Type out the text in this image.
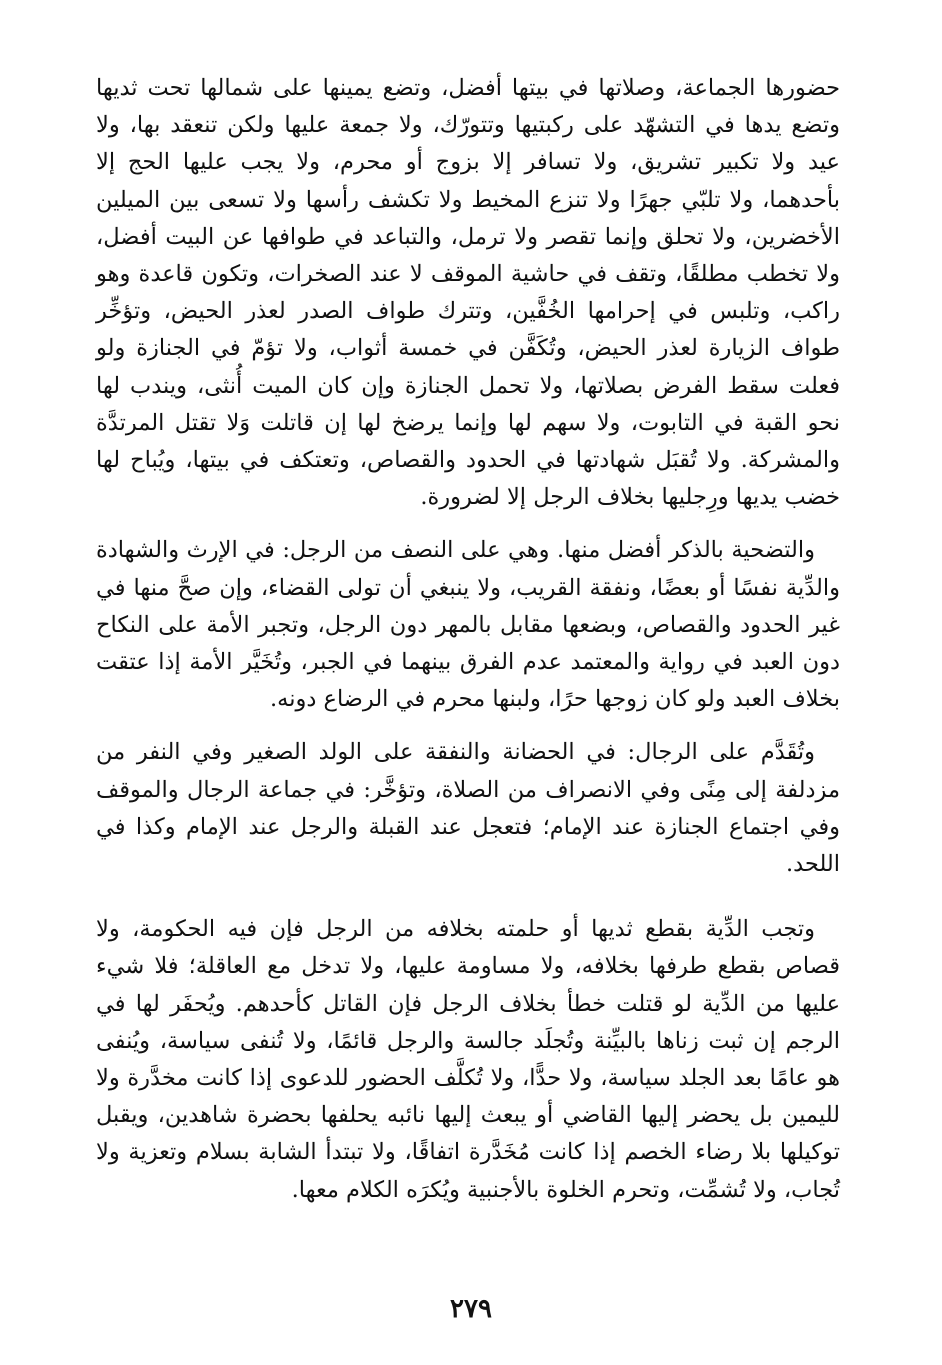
حضورها الجماعة، وصلاتها في بيتها أفضل، وتضع يمينها على شمالها تحت ثديها وتضع يدها في التشهّد على ركبتيها وتتورّك، ولا جمعة عليها ولكن تنعقد بها، ولا عيد ولا تكبير تشريق، ولا تسافر إلا بزوج أو محرم، ولا يجب عليها الحج إلا بأحدهما، ولا تلبّي جهرًا ولا تنزع المخيط ولا تكشف رأسها ولا تسعى بين الميلين الأخضرين، ولا تحلق وإنما تقصر ولا ترمل، والتباعد في طوافها عن البيت أفضل، ولا تخطب مطلقًا، وتقف في حاشية الموقف لا عند الصخرات، وتكون قاعدة وهو راكب، وتلبس في إحرامها الخُفَّين، وتترك طواف الصدر لعذر الحيض، وتؤخِّر طواف الزيارة لعذر الحيض، وتُكَفَّن في خمسة أثواب، ولا تؤمّ في الجنازة ولو فعلت سقط الفرض بصلاتها، ولا تحمل الجنازة وإن كان الميت أُنثى، ويندب لها نحو القبة في التابوت، ولا سهم لها وإنما يرضخ لها إن قاتلت وَلا تقتل المرتدَّة والمشركة. ولا تُقبَل شهادتها في الحدود والقصاص، وتعتكف في بيتها، ويُباح لها خضب يديها ورِجليها بخلاف الرجل إلا لضرورة.

والتضحية بالذكر أفضل منها. وهي على النصف من الرجل: في الإرث والشهادة والدِّية نفسًا أو بعضًا، ونفقة القريب، ولا ينبغي أن تولى القضاء، وإن صحَّ منها في غير الحدود والقصاص، وبضعها مقابل بالمهر دون الرجل، وتجبر الأمة على النكاح دون العبد في رواية والمعتمد عدم الفرق بينهما في الجبر، وتُخَيَّر الأمة إذا عتقت بخلاف العبد ولو كان زوجها حرًا، ولبنها محرم في الرضاع دونه.

وتُقَدَّم على الرجال: في الحضانة والنفقة على الولد الصغير وفي النفر من مزدلفة إلى مِنًى وفي الانصراف من الصلاة، وتؤخَّر: في جماعة الرجال والموقف وفي اجتماع الجنازة عند الإمام؛ فتعجل عند القبلة والرجل عند الإمام وكذا في اللحد.

وتجب الدِّية بقطع ثديها أو حلمته بخلافه من الرجل فإن فيه الحكومة، ولا قصاص بقطع طرفها بخلافه، ولا مساومة عليها، ولا تدخل مع العاقلة؛ فلا شيء عليها من الدِّية لو قتلت خطأ بخلاف الرجل فإن القاتل كأحدهم. ويُحفَر لها في الرجم إن ثبت زناها بالبيِّنة وتُجلَد جالسة والرجل قائمًا، ولا تُنفى سياسة، ويُنفى هو عامًا بعد الجلد سياسة، ولا حدًّا، ولا تُكلَّف الحضور للدعوى إذا كانت مخدَّرة ولا لليمين بل يحضر إليها القاضي أو يبعث إليها نائبه يحلفها بحضرة شاهدين، ويقبل توكيلها بلا رضاء الخصم إذا كانت مُخَدَّرة اتفاقًا، ولا تبتدأ الشابة بسلام وتعزية ولا تُجاب، ولا تُشمِّت، وتحرم الخلوة بالأجنبية ويُكرَه الكلام معها.

٢٧٩
